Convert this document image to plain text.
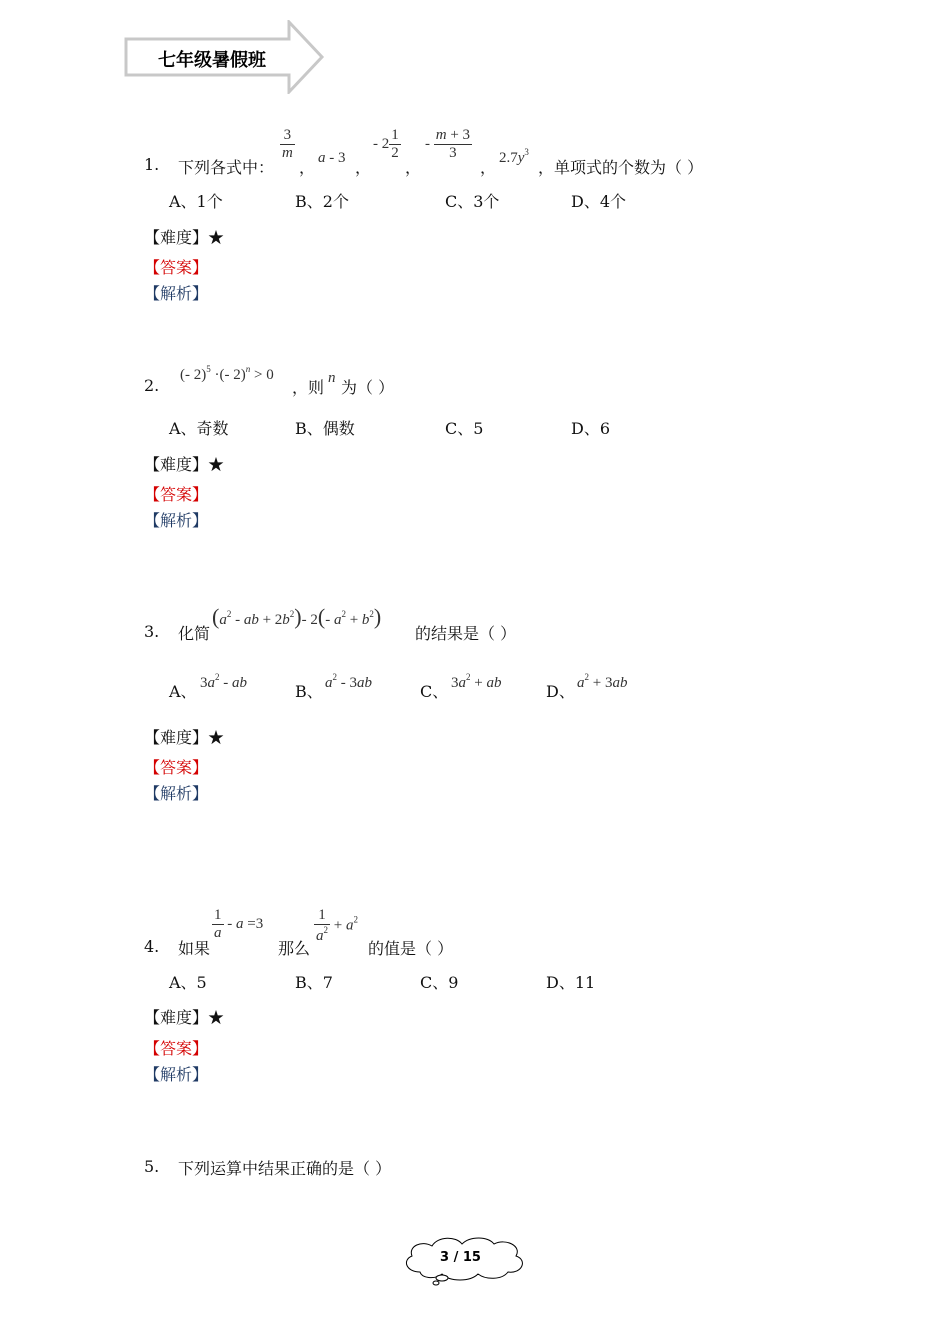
七年级暑假班
1. 下列各式中：
$\frac{3}{m}$
， a - 3 ，
- $2 \frac{1}{2}$
，
- $\frac{m + 3}{3}$
， $2.7y^3$
，单项式的个数为（ ）
A、1个	B、2个	C、3个	D、4个
【难度】★
【答案】
【解析】
2.
(- 2)$^5$ ·(- 2)$^n$ > 0
，则 n 为（ ）
A、奇数	B、偶数	C、5	D、6
【难度】★
【答案】
【解析】
3. 化简
($a^2$ - ab + $2b^2)-$ 2(- $a^2 + b^2$)
的结果是（ ）
A、 $3a^2$ - ab	B、 $a^2 - 3ab$	C、 $3a^2$ + ab	D、 $a^2 + 3ab$
【难度】★
【答案】
【解析】
4. 如果
$\frac{1}{a} - a =3$
那么
$\frac{1}{a^2} + a^2$
的值是（ ）
A、5	B、7	C、9	D、11
【难度】★
【答案】
【解析】
5. 下列运算中结果正确的是（ ）
3 / 15
